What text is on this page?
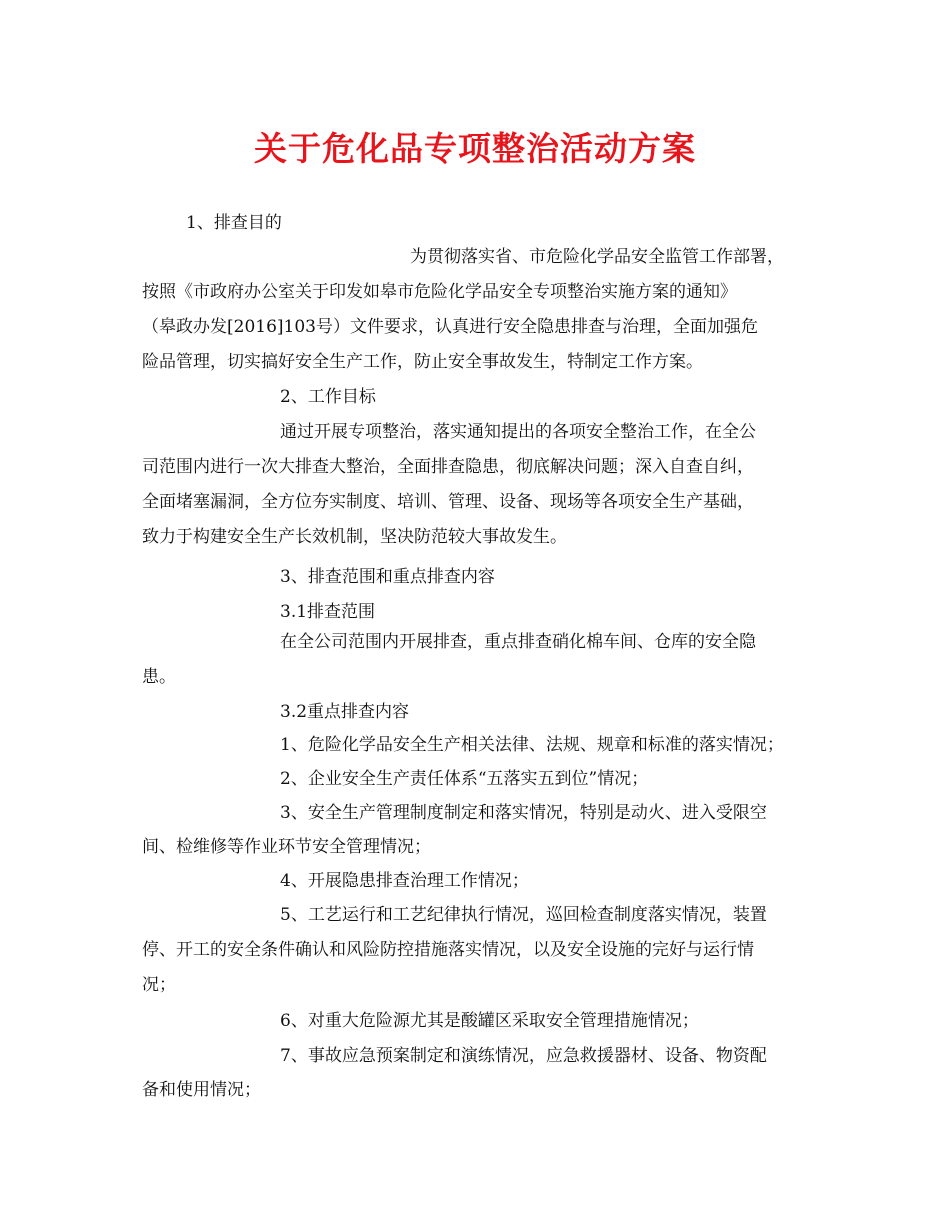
关于危化品专项整治活动方案
1、排查目的
为贯彻落实省、市危险化学品安全监管工作部署，
按照《市政府办公室关于印发如皋市危险化学品安全专项整治实施方案的通知》
（皋政办发[2016]103号）文件要求，认真进行安全隐患排查与治理，全面加强危
险品管理，切实搞好安全生产工作，防止安全事故发生，特制定工作方案。
2、工作目标
通过开展专项整治，落实通知提出的各项安全整治工作，在全公
司范围内进行一次大排查大整治，全面排查隐患，彻底解决问题；深入自查自纠，
全面堵塞漏洞，全方位夯实制度、培训、管理、设备、现场等各项安全生产基础，
致力于构建安全生产长效机制，坚决防范较大事故发生。
3、排查范围和重点排查内容
3.1排查范围
在全公司范围内开展排查，重点排查硝化棉车间、仓库的安全隐
患。
3.2重点排查内容
1、危险化学品安全生产相关法律、法规、规章和标准的落实情况；
2、企业安全生产责任体系“五落实五到位”情况；
3、安全生产管理制度制定和落实情况，特别是动火、进入受限空
间、检维修等作业环节安全管理情况；
4、开展隐患排查治理工作情况；
5、工艺运行和工艺纪律执行情况，巡回检查制度落实情况，装置
停、开工的安全条件确认和风险防控措施落实情况，以及安全设施的完好与运行情
况；
6、对重大危险源尤其是酸罐区采取安全管理措施情况；
7、事故应急预案制定和演练情况，应急救援器材、设备、物资配
备和使用情况；
